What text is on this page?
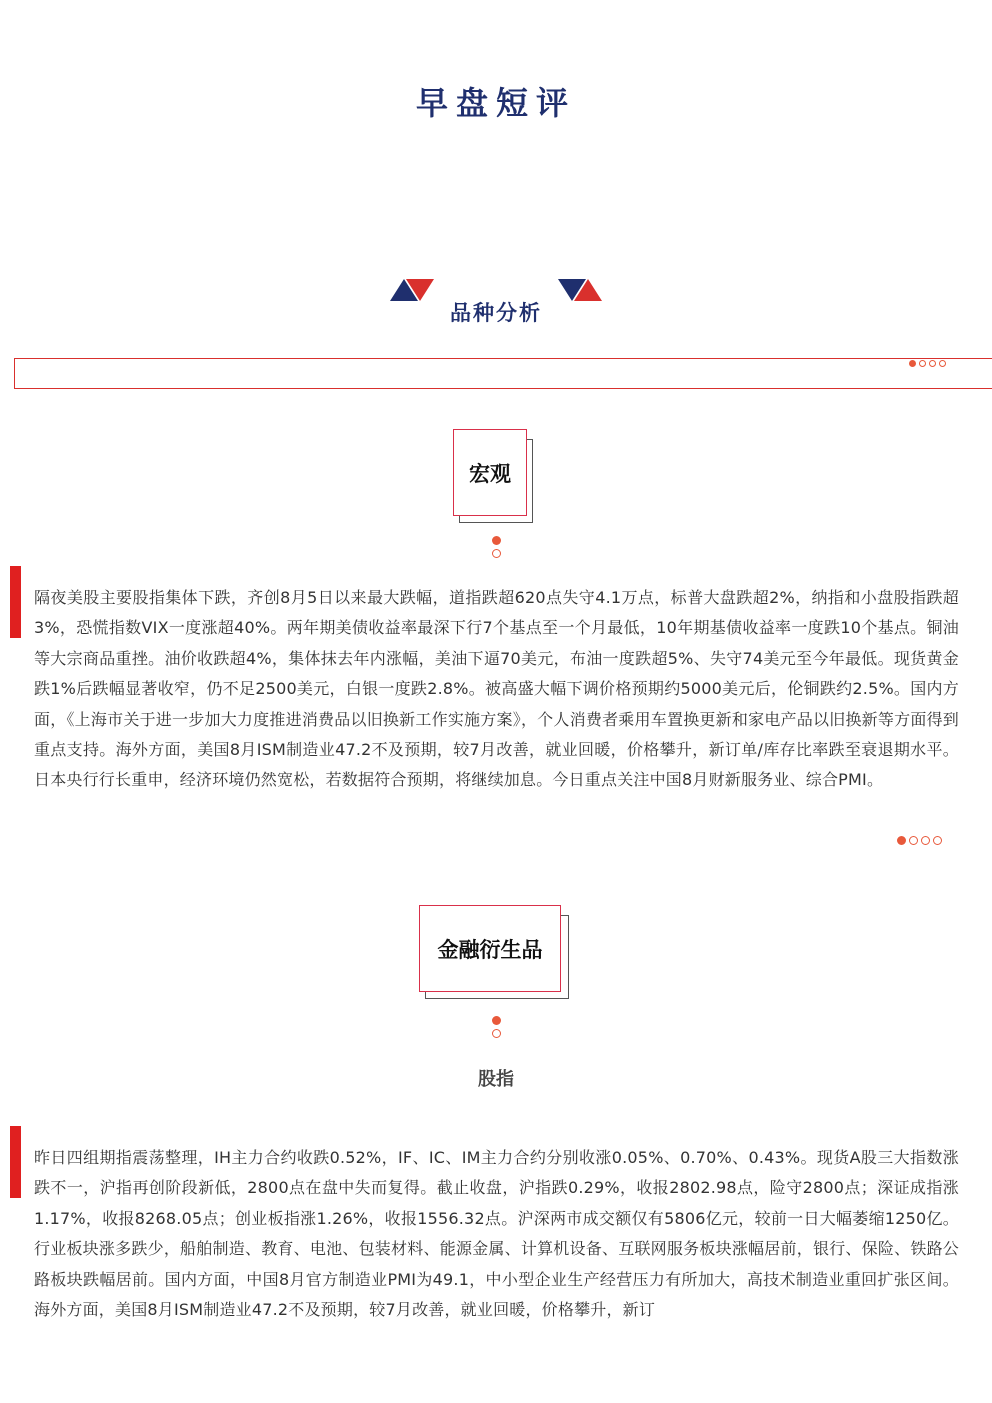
早盘短评
品种分析
宏观
隔夜美股主要股指集体下跌，齐创8月5日以来最大跌幅，道指跌超620点失守4.1万点，标普大盘跌超2%，纳指和小盘股指跌超3%，恐慌指数VIX一度涨超40%。两年期美债收益率最深下行7个基点至一个月最低，10年期基债收益率一度跌10个基点。铜油等大宗商品重挫。油价收跌超4%，集体抹去年内涨幅，美油下逼70美元，布油一度跌超5%、失守74美元至今年最低。现货黄金跌1%后跌幅显著收窄，仍不足2500美元，白银一度跌2.8%。被高盛大幅下调价格预期约5000美元后，伦铜跌约2.5%。国内方面，《上海市关于进一步加大力度推进消费品以旧换新工作实施方案》，个人消费者乘用车置换更新和家电产品以旧换新等方面得到重点支持。海外方面，美国8月ISM制造业47.2不及预期，较7月改善，就业回暖，价格攀升，新订单/库存比率跌至衰退期水平。日本央行行长重申，经济环境仍然宽松，若数据符合预期，将继续加息。今日重点关注中国8月财新服务业、综合PMI。
金融衍生品
股指
昨日四组期指震荡整理，IH主力合约收跌0.52%，IF、IC、IM主力合约分别收涨0.05%、0.70%、0.43%。现货A股三大指数涨跌不一，沪指再创阶段新低，2800点在盘中失而复得。截止收盘，沪指跌0.29%，收报2802.98点，险守2800点；深证成指涨1.17%，收报8268.05点；创业板指涨1.26%，收报1556.32点。沪深两市成交额仅有5806亿元，较前一日大幅萎缩1250亿。行业板块涨多跌少，船舶制造、教育、电池、包装材料、能源金属、计算机设备、互联网服务板块涨幅居前，银行、保险、铁路公路板块跌幅居前。国内方面，中国8月官方制造业PMI为49.1，中小型企业生产经营压力有所加大，高技术制造业重回扩张区间。海外方面，美国8月ISM制造业47.2不及预期，较7月改善，就业回暖，价格攀升，新订
